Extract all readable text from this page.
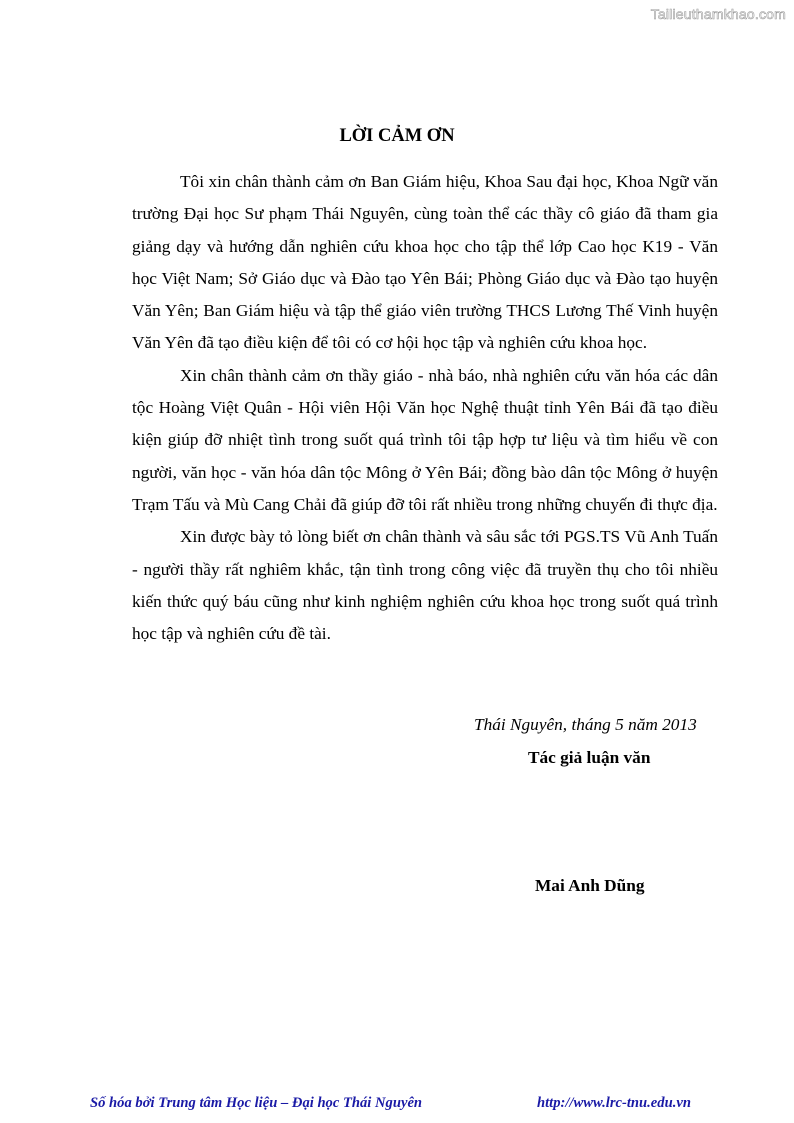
Tailieuthamkhao.com
LỜI CẢM ƠN

Tôi xin chân thành cảm ơn Ban Giám hiệu, Khoa Sau đại học, Khoa Ngữ văn trường Đại học Sư phạm Thái Nguyên, cùng toàn thể các thầy cô giáo đã tham gia giảng dạy và hướng dẫn nghiên cứu khoa học cho tập thể lớp Cao học K19 - Văn học Việt Nam; Sở Giáo dục và Đào tạo Yên Bái; Phòng Giáo dục và Đào tạo huyện Văn Yên; Ban Giám hiệu và tập thể giáo viên trường THCS Lương Thế Vinh huyện Văn Yên đã tạo điều kiện để tôi có cơ hội học tập và nghiên cứu khoa học.

Xin chân thành cảm ơn thầy giáo - nhà báo, nhà nghiên cứu văn hóa các dân tộc Hoàng Việt Quân - Hội viên Hội Văn học Nghệ thuật tỉnh Yên Bái đã tạo điều kiện giúp đỡ nhiệt tình trong suốt quá trình tôi tập hợp tư liệu và tìm hiểu về con người, văn học - văn hóa dân tộc Mông ở Yên Bái; đồng bào dân tộc Mông ở huyện Trạm Tấu và Mù Cang Chải đã giúp đỡ tôi rất nhiều trong những chuyến đi thực địa.

Xin được bày tỏ lòng biết ơn chân thành và sâu sắc tới PGS.TS Vũ Anh Tuấn - người thầy rất nghiêm khắc, tận tình trong công việc đã truyền thụ cho tôi nhiều kiến thức quý báu cũng như kinh nghiệm nghiên cứu khoa học trong suốt quá trình học tập và nghiên cứu đề tài.

Thái Nguyên, tháng 5 năm 2013
Tác giả luận văn
Mai Anh Dũng
Số hóa bởi Trung tâm Học liệu – Đại học Thái Nguyên	http://www.lrc-tnu.edu.vn
